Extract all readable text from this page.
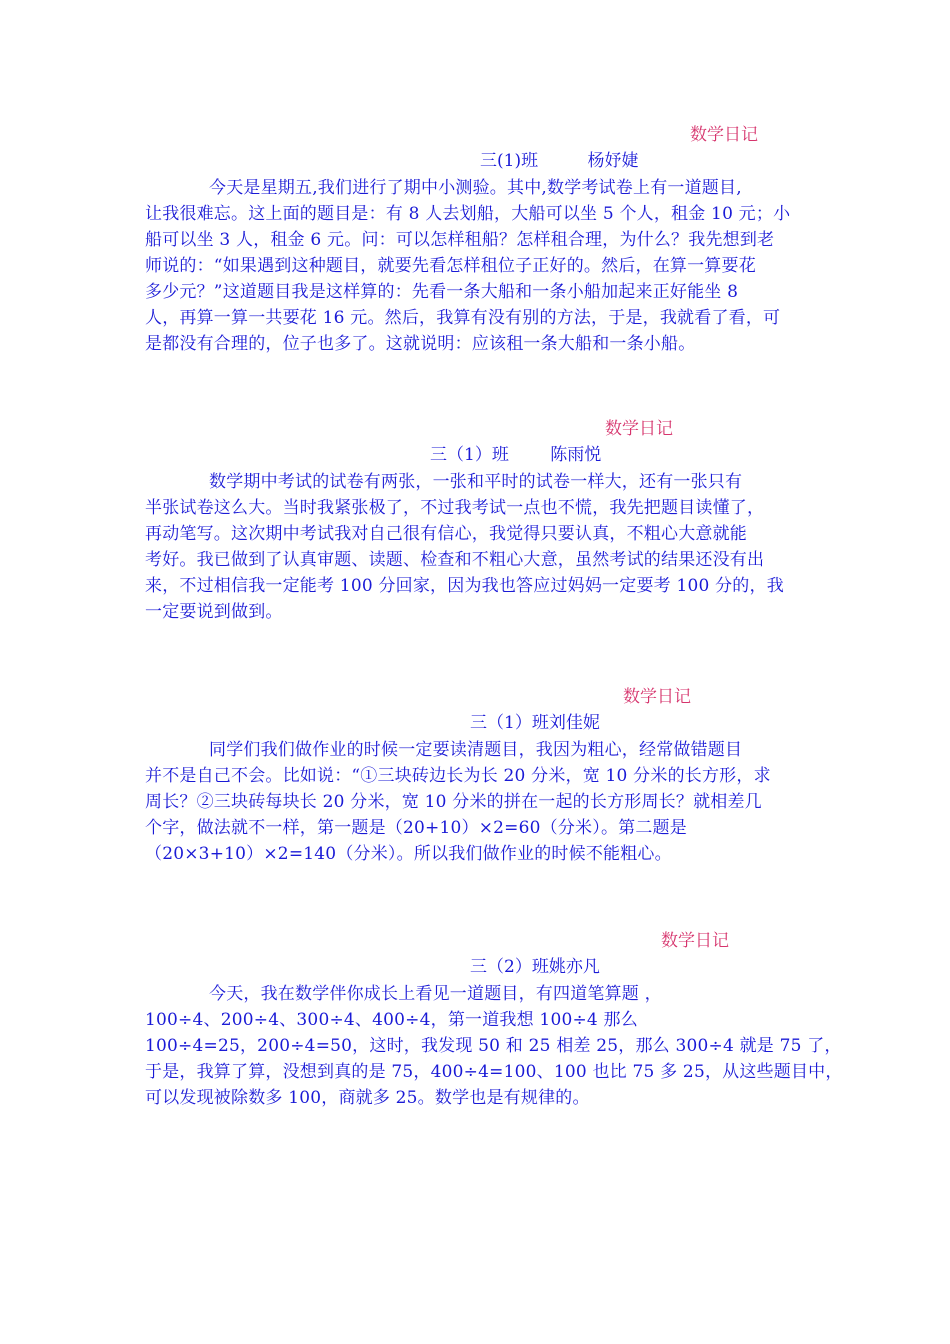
数学日记
三(1)班	杨妤婕
今天是星期五,我们进行了期中小测验。其中,数学考试卷上有一道题目,
让我很难忘。这上面的题目是：有 8 人去划船，大船可以坐 5 个人，租金 10 元；小
船可以坐 3 人，租金 6 元。问：可以怎样租船？怎样租合理，为什么？我先想到老
师说的：“如果遇到这种题目，就要先看怎样租位子正好的。然后，在算一算要花
多少元？”这道题目我是这样算的：先看一条大船和一条小船加起来正好能坐 8
人，再算一算一共要花 16 元。然后，我算有没有别的方法，于是，我就看了看，可
是都没有合理的，位子也多了。这就说明：应该租一条大船和一条小船。
数学日记
三（1）班 陈雨悦
数学期中考试的试卷有两张，一张和平时的试卷一样大，还有一张只有
半张试卷这么大。当时我紧张极了，不过我考试一点也不慌，我先把题目读懂了，
再动笔写。这次期中考试我对自己很有信心，我觉得只要认真，不粗心大意就能
考好。我已做到了认真审题、读题、检查和不粗心大意，虽然考试的结果还没有出
来，不过相信我一定能考 100 分回家，因为我也答应过妈妈一定要考 100 分的，我
一定要说到做到。
数学日记
三（1）班刘佳妮
同学们我们做作业的时候一定要读清题目，我因为粗心，经常做错题目
并不是自己不会。比如说：“①三块砖边长为长 20 分米，宽 10 分米的长方形，求
周长？②三块砖每块长 20 分米，宽 10 分米的拼在一起的长方形周长？就相差几
个字，做法就不一样，第一题是（20+10）×2=60（分米）。第二题是
（20×3+10）×2=140（分米）。所以我们做作业的时候不能粗心。
数学日记
三（2）班姚亦凡
今天，我在数学伴你成长上看见一道题目，有四道笔算题 ，
100÷4、200÷4、300÷4、400÷4，第一道我想 100÷4 那么
100÷4=25，200÷4=50，这时，我发现 50 和 25 相差 25，那么 300÷4 就是 75 了，
于是，我算了算，没想到真的是 75，400÷4=100、100 也比 75 多 25，从这些题目中，
可以发现被除数多 100，商就多 25。数学也是有规律的。
